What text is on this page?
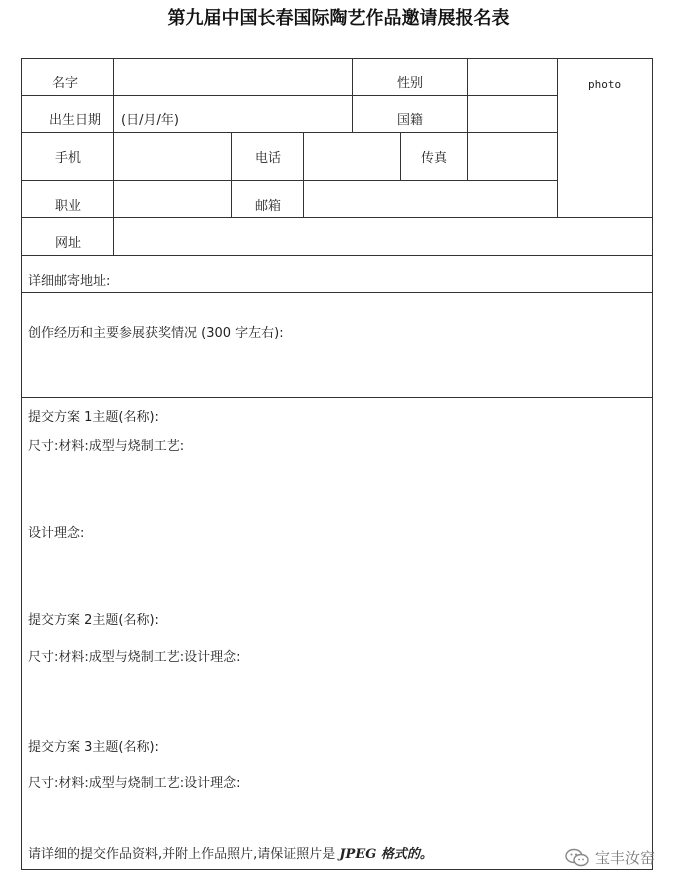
第九届中国长春国际陶艺作品邀请展报名表
名字	性别	photo
出生日期 (日/月/年)	国籍
手机	电话	传真
职业	邮箱
网址
详细邮寄地址:
创作经历和主要参展获奖情况 (300 字左右):
提交方案 1主题(名称):
尺寸:材料:成型与烧制工艺:
设计理念:
提交方案 2主题(名称):
尺寸:材料:成型与烧制工艺:设计理念:
提交方案 3主题(名称):
尺寸:材料:成型与烧制工艺:设计理念:
请详细的提交作品资料,并附上作品照片,请保证照片是 JPEG 格式的。	宝丰汝窑
